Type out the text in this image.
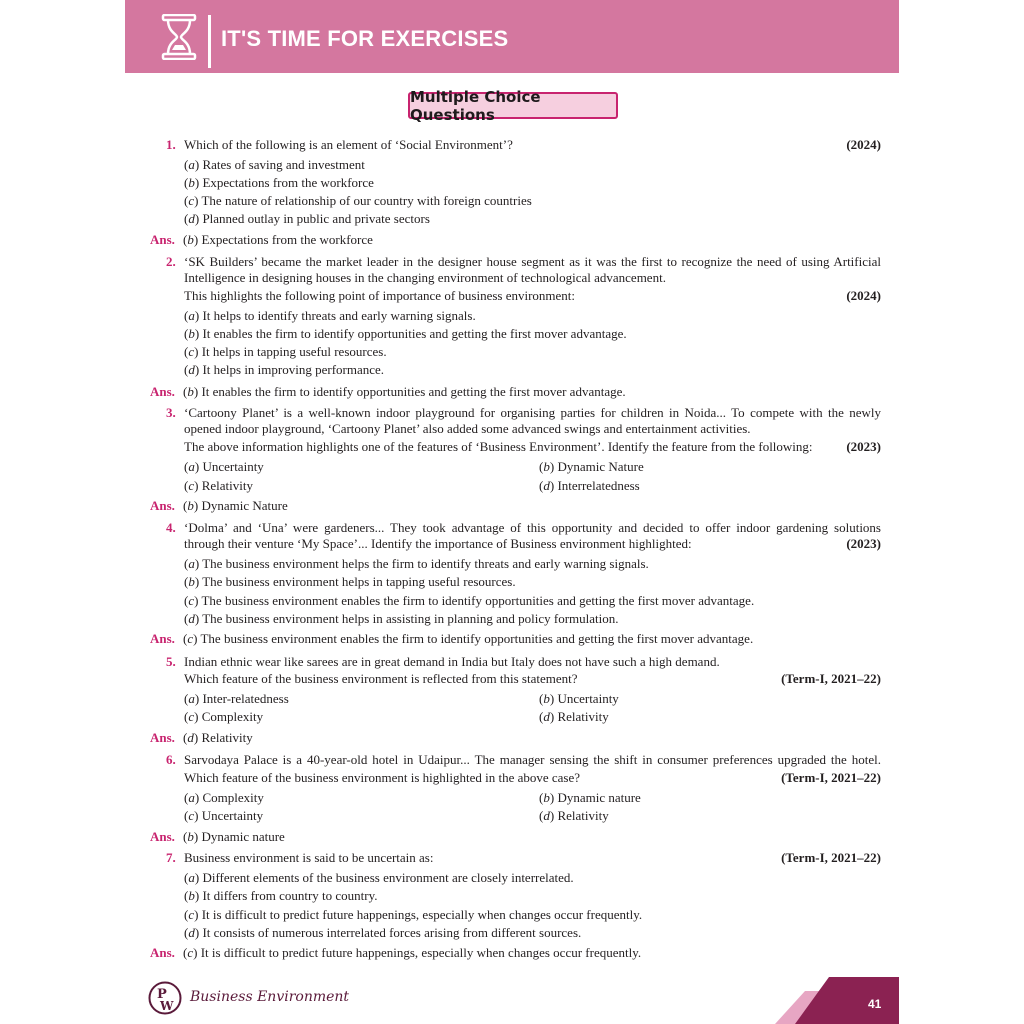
IT'S TIME FOR EXERCISES
Multiple Choice Questions
1. Which of the following is an element of ‘Social Environment’?	(2024)
(a) Rates of saving and investment
(b) Expectations from the workforce
(c) The nature of relationship of our country with foreign countries
(d) Planned outlay in public and private sectors
Ans. (b) Expectations from the workforce
2. ‘SK Builders’ became the market leader in the designer house segment as it was the first to recognize the need of using Artificial
Intelligence in designing houses in the changing environment of technological advancement.
This highlights the following point of importance of business environment:	(2024)
(a) It helps to identify threats and early warning signals.
(b) It enables the firm to identify opportunities and getting the first mover advantage.
(c) It helps in tapping useful resources.
(d) It helps in improving performance.
Ans. (b) It enables the firm to identify opportunities and getting the first mover advantage.
3. ‘Cartoony Planet’ is a well-known indoor playground for organising parties for children in Noida... To compete with the newly
opened indoor playground, ‘Cartoony Planet’ also added some advanced swings and entertainment activities.
The above information highlights one of the features of ‘Business Environment’. Identify the feature from the following:	(2023)
(a) Uncertainty	(b) Dynamic Nature
(c) Relativity	(d) Interrelatedness
Ans. (b) Dynamic Nature
4. ‘Dolma’ and ‘Una’ were gardeners... They took advantage of this opportunity and decided to offer indoor gardening solutions
through their venture ‘My Space’... Identify the importance of Business environment highlighted:	(2023)
(a) The business environment helps the firm to identify threats and early warning signals.
(b) The business environment helps in tapping useful resources.
(c) The business environment enables the firm to identify opportunities and getting the first mover advantage.
(d) The business environment helps in assisting in planning and policy formulation.
Ans. (c) The business environment enables the firm to identify opportunities and getting the first mover advantage.
5. Indian ethnic wear like sarees are in great demand in India but Italy does not have such a high demand.
Which feature of the business environment is reflected from this statement?	(Term-I, 2021–22)
(a) Inter-relatedness	(b) Uncertainty
(c) Complexity	(d) Relativity
Ans. (d) Relativity
6. Sarvodaya Palace is a 40-year-old hotel in Udaipur... The manager sensing the shift in consumer preferences upgraded the hotel.
Which feature of the business environment is highlighted in the above case?	(Term-I, 2021–22)
(a) Complexity	(b) Dynamic nature
(c) Uncertainty	(d) Relativity
Ans. (b) Dynamic nature
7. Business environment is said to be uncertain as:	(Term-I, 2021–22)
(a) Different elements of the business environment are closely interrelated.
(b) It differs from country to country.
(c) It is difficult to predict future happenings, especially when changes occur frequently.
(d) It consists of numerous interrelated forces arising from different sources.
Ans. (c) It is difficult to predict future happenings, especially when changes occur frequently.
P
W
Business Environment	41
